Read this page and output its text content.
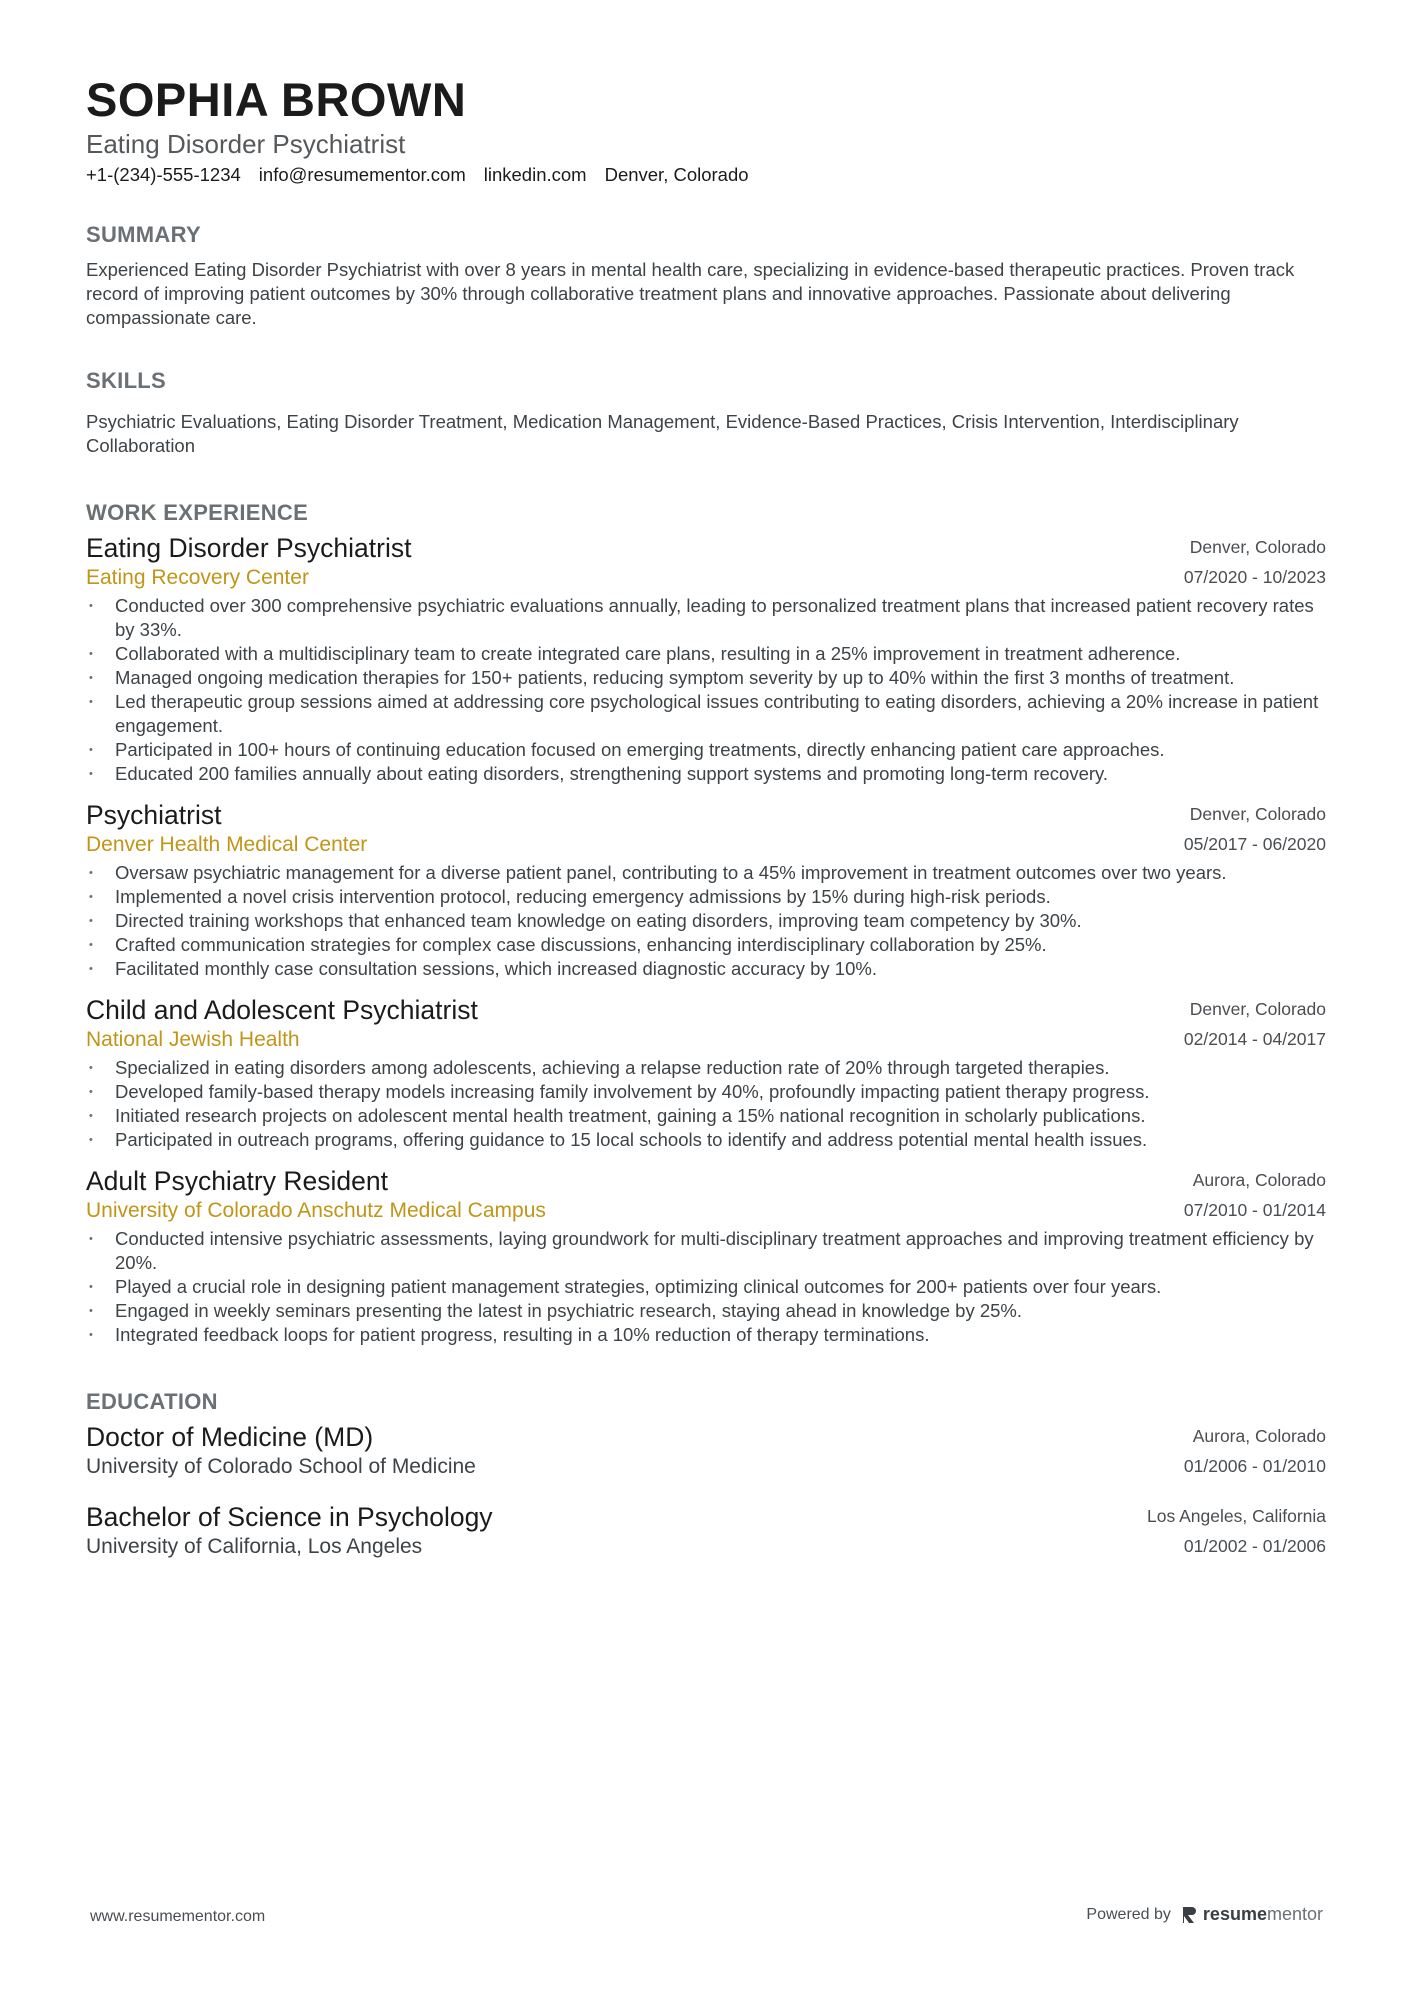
SOPHIA BROWN
Eating Disorder Psychiatrist
+1-(234)-555-1234 info@resumementor.com linkedin.com Denver, Colorado
SUMMARY
Experienced Eating Disorder Psychiatrist with over 8 years in mental health care, specializing in evidence-based therapeutic practices. Proven track record of improving patient outcomes by 30% through collaborative treatment plans and innovative approaches. Passionate about delivering compassionate care.
SKILLS
Psychiatric Evaluations, Eating Disorder Treatment, Medication Management, Evidence-Based Practices, Crisis Intervention, Interdisciplinary Collaboration
WORK EXPERIENCE
Eating Disorder Psychiatrist
Eating Recovery Center
Denver, Colorado
07/2020 - 10/2023
• Conducted over 300 comprehensive psychiatric evaluations annually, leading to personalized treatment plans that increased patient recovery rates by 33%.
• Collaborated with a multidisciplinary team to create integrated care plans, resulting in a 25% improvement in treatment adherence.
• Managed ongoing medication therapies for 150+ patients, reducing symptom severity by up to 40% within the first 3 months of treatment.
• Led therapeutic group sessions aimed at addressing core psychological issues contributing to eating disorders, achieving a 20% increase in patient engagement.
• Participated in 100+ hours of continuing education focused on emerging treatments, directly enhancing patient care approaches.
• Educated 200 families annually about eating disorders, strengthening support systems and promoting long-term recovery.
Psychiatrist
Denver Health Medical Center
Denver, Colorado
05/2017 - 06/2020
• Oversaw psychiatric management for a diverse patient panel, contributing to a 45% improvement in treatment outcomes over two years.
• Implemented a novel crisis intervention protocol, reducing emergency admissions by 15% during high-risk periods.
• Directed training workshops that enhanced team knowledge on eating disorders, improving team competency by 30%.
• Crafted communication strategies for complex case discussions, enhancing interdisciplinary collaboration by 25%.
• Facilitated monthly case consultation sessions, which increased diagnostic accuracy by 10%.
Child and Adolescent Psychiatrist
National Jewish Health
Denver, Colorado
02/2014 - 04/2017
• Specialized in eating disorders among adolescents, achieving a relapse reduction rate of 20% through targeted therapies.
• Developed family-based therapy models increasing family involvement by 40%, profoundly impacting patient therapy progress.
• Initiated research projects on adolescent mental health treatment, gaining a 15% national recognition in scholarly publications.
• Participated in outreach programs, offering guidance to 15 local schools to identify and address potential mental health issues.
Adult Psychiatry Resident
University of Colorado Anschutz Medical Campus
Aurora, Colorado
07/2010 - 01/2014
• Conducted intensive psychiatric assessments, laying groundwork for multi-disciplinary treatment approaches and improving treatment efficiency by 20%.
• Played a crucial role in designing patient management strategies, optimizing clinical outcomes for 200+ patients over four years.
• Engaged in weekly seminars presenting the latest in psychiatric research, staying ahead in knowledge by 25%.
• Integrated feedback loops for patient progress, resulting in a 10% reduction of therapy terminations.
EDUCATION
Doctor of Medicine (MD)
University of Colorado School of Medicine
Aurora, Colorado
01/2006 - 01/2010
Bachelor of Science in Psychology
University of California, Los Angeles
Los Angeles, California
01/2002 - 01/2006
www.resumementor.com	Powered by resumementor
